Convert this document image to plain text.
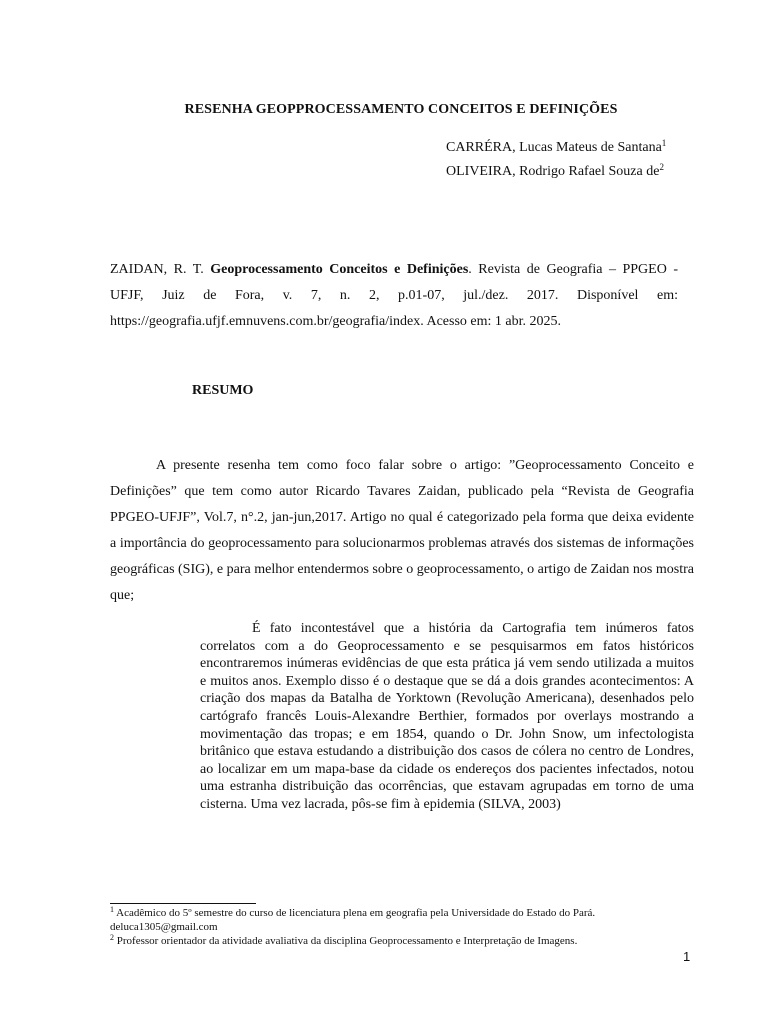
RESENHA GEOPPROCESSAMENTO CONCEITOS E DEFINIÇÕES
CARRÉRA, Lucas Mateus de Santana$^1$
OLIVEIRA, Rodrigo Rafael Souza $de^2$
ZAIDAN, R. T. Geoprocessamento Conceitos e Definições. Revista de Geografia – PPGEO - UFJF, Juiz de Fora, v. 7, n. 2, p.01-07, jul./dez. 2017. Disponível em: https://geografia.ufjf.emnuvens.com.br/geografia/index. Acesso em: 1 abr. 2025.
RESUMO
A presente resenha tem como foco falar sobre o artigo: ”Geoprocessamento Conceito e Definições” que tem como autor Ricardo Tavares Zaidan, publicado pela “Revista de Geografia PPGEO-UFJF”, Vol.7, n°.2, jan-jun,2017. Artigo no qual é categorizado pela forma que deixa evidente a importância do geoprocessamento para solucionarmos problemas através dos sistemas de informações geográficas (SIG), e para melhor entendermos sobre o geoprocessamento, o artigo de Zaidan nos mostra que;
É fato incontestável que a história da Cartografia tem inúmeros fatos correlatos com a do Geoprocessamento e se pesquisarmos em fatos históricos encontraremos inúmeras evidências de que esta prática já vem sendo utilizada a muitos e muitos anos. Exemplo disso é o destaque que se dá a dois grandes acontecimentos: A criação dos mapas da Batalha de Yorktown (Revolução Americana), desenhados pelo cartógrafo francês Louis-Alexandre Berthier, formados por overlays mostrando a movimentação das tropas; e em 1854, quando o Dr. John Snow, um infectologista britânico que estava estudando a distribuição dos casos de cólera no centro de Londres, ao localizar em um mapa-base da cidade os endereços dos pacientes infectados, notou uma estranha distribuição das ocorrências, que estavam agrupadas em torno de uma cisterna. Uma vez lacrada, pôs-se fim à epidemia (SILVA, 2003)
$^1$ Acadêmico do 5º semestre do curso de licenciatura plena em geografia pela Universidade do Estado do Pará. deluca1305@gmail.com
$^2$ Professor orientador da atividade avaliativa da disciplina Geoprocessamento e Interpretação de Imagens.
1
